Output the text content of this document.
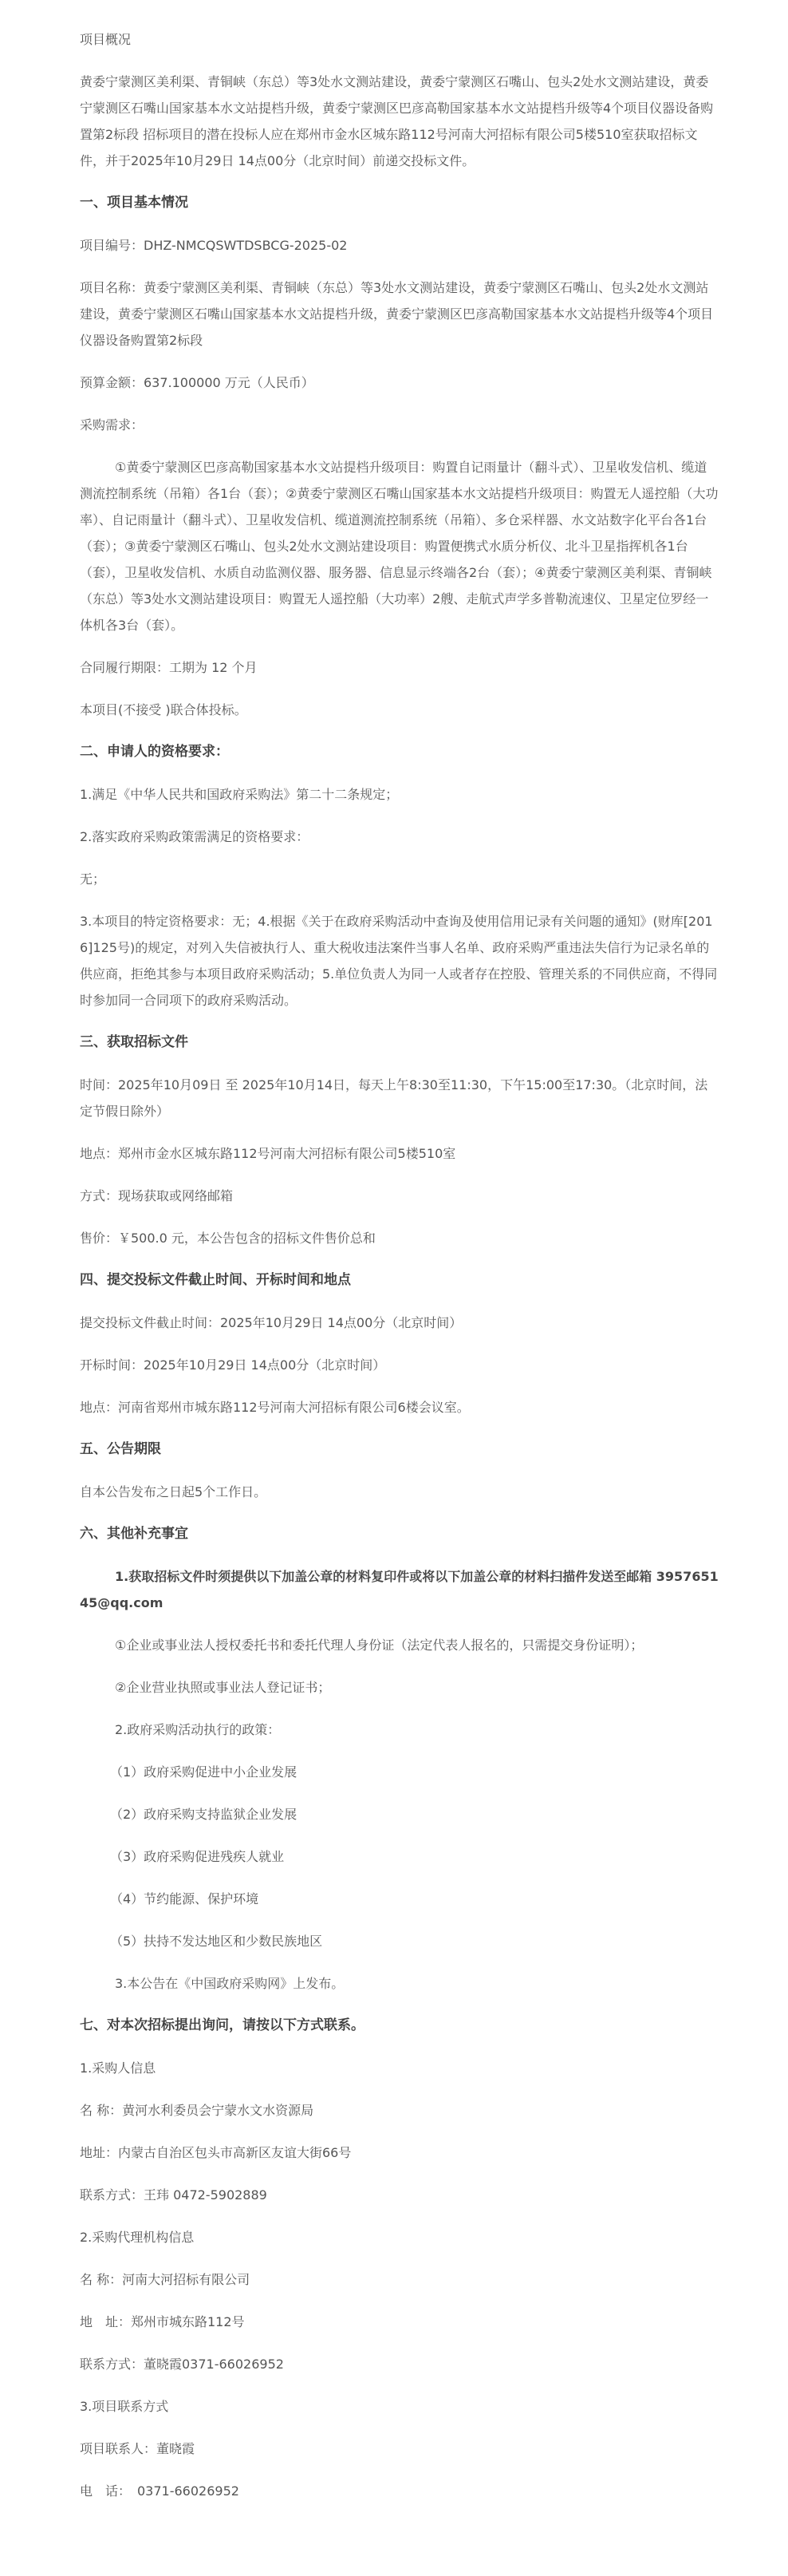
项目概况

黄委宁蒙测区美利渠、青铜峡（东总）等3处水文测站建设，黄委宁蒙测区石嘴山、包头2处水文测站建设，黄委宁蒙测区石嘴山国家基本水文站提档升级，黄委宁蒙测区巴彦高勒国家基本水文站提档升级等4个项目仪器设备购置第2标段 招标项目的潜在投标人应在郑州市金水区城东路112号河南大河招标有限公司5楼510室获取招标文件，并于2025年10月29日 14点00分（北京时间）前递交投标文件。

一、项目基本情况

项目编号：DHZ-NMCQSWTDSBCG-2025-02

项目名称：黄委宁蒙测区美利渠、青铜峡（东总）等3处水文测站建设，黄委宁蒙测区石嘴山、包头2处水文测站建设，黄委宁蒙测区石嘴山国家基本水文站提档升级，黄委宁蒙测区巴彦高勒国家基本水文站提档升级等4个项目仪器设备购置第2标段

预算金额：637.100000 万元（人民币）

采购需求：

①黄委宁蒙测区巴彦高勒国家基本水文站提档升级项目：购置自记雨量计（翻斗式）、卫星收发信机、缆道测流控制系统（吊箱）各1台（套）；②黄委宁蒙测区石嘴山国家基本水文站提档升级项目：购置无人遥控船（大功率）、自记雨量计（翻斗式）、卫星收发信机、缆道测流控制系统（吊箱）、多仓采样器、水文站数字化平台各1台（套）；③黄委宁蒙测区石嘴山、包头2处水文测站建设项目：购置便携式水质分析仪、北斗卫星指挥机各1台（套），卫星收发信机、水质自动监测仪器、服务器、信息显示终端各2台（套）；④黄委宁蒙测区美利渠、青铜峡（东总）等3处水文测站建设项目：购置无人遥控船（大功率）2艘、走航式声学多普勒流速仪、卫星定位罗经一体机各3台（套）。

合同履行期限：工期为 12 个月

本项目(不接受 )联合体投标。

二、申请人的资格要求：

1.满足《中华人民共和国政府采购法》第二十二条规定；

2.落实政府采购政策需满足的资格要求：

无；

3.本项目的特定资格要求：无；4.根据《关于在政府采购活动中查询及使用信用记录有关问题的通知》(财库[2016]125号)的规定，对列入失信被执行人、重大税收违法案件当事人名单、政府采购严重违法失信行为记录名单的供应商，拒绝其参与本项目政府采购活动；5.单位负责人为同一人或者存在控股、管理关系的不同供应商，不得同时参加同一合同项下的政府采购活动。

三、获取招标文件

时间：2025年10月09日 至 2025年10月14日，每天上午8:30至11:30，下午15:00至17:30。（北京时间，法定节假日除外）

地点：郑州市金水区城东路112号河南大河招标有限公司5楼510室

方式：现场获取或网络邮箱

售价：￥500.0 元，本公告包含的招标文件售价总和

四、提交投标文件截止时间、开标时间和地点

提交投标文件截止时间：2025年10月29日 14点00分（北京时间）

开标时间：2025年10月29日 14点00分（北京时间）

地点：河南省郑州市城东路112号河南大河招标有限公司6楼会议室。

五、公告期限

自本公告发布之日起5个工作日。

六、其他补充事宜

1.获取招标文件时须提供以下加盖公章的材料复印件或将以下加盖公章的材料扫描件发送至邮箱 395765145@qq.com

①企业或事业法人授权委托书和委托代理人身份证（法定代表人报名的，只需提交身份证明）；

②企业营业执照或事业法人登记证书；

2.政府采购活动执行的政策：

（1）政府采购促进中小企业发展

（2）政府采购支持监狱企业发展

（3）政府采购促进残疾人就业

（4）节约能源、保护环境

（5）扶持不发达地区和少数民族地区

3.本公告在《中国政府采购网》上发布。

七、对本次招标提出询问，请按以下方式联系。

1.采购人信息

名 称：黄河水利委员会宁蒙水文水资源局

地址：内蒙古自治区包头市高新区友谊大街66号

联系方式：王玮 0472-5902889

2.采购代理机构信息

名 称：河南大河招标有限公司

地　址：郑州市城东路112号

联系方式：董晓霞0371-66026952

3.项目联系方式

项目联系人：董晓霞

电　话：　0371-66026952
